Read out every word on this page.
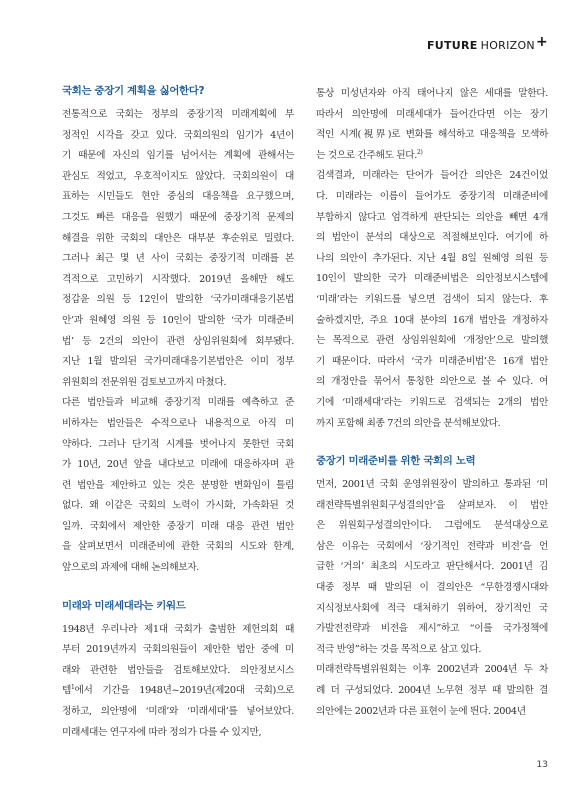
FUTURE HORIZON +
국회는 중장기 계획을 싫어한다?
전통적으로 국회는 정부의 중장기적 미래계획에 부
정적인 시각을 갖고 있다. 국회의원의 임기가 4년이
기 때문에 자신의 임기를 넘어서는 계획에 관해서는
관심도 적었고, 우호적이지도 않았다. 국회의원이 대
표하는 시민들도 현안 중심의 대응책을 요구했으며,
그것도 빠른 대응을 원했기 때문에 중장기적 문제의
해결을 위한 국회의 대안은 대부분 후순위로 밀렸다.
그러나 최근 몇 년 사이 국회는 중장기적 미래를 본
격적으로 고민하기 시작했다. 2019년 올해만 해도
정갑윤 의원 등 12인이 발의한 ‘국가미래대응기본법
안’과 원혜영 의원 등 10인이 발의한 ‘국가 미래준비
법’ 등 2건의 의안이 관련 상임위원회에 회부됐다.
지난 1월 발의된 국가미래대응기본법안은 이미 정부
위원회의 전문위원 검토보고까지 마쳤다.
다른 법안들과 비교해 중장기적 미래를 예측하고 준
비하자는 법안들은 수적으로나 내용적으로 아직 미
약하다. 그러나 단기적 시계를 벗어나지 못한던 국회
가 10년, 20년 앞을 내다보고 미래에 대응하자며 관
련 법안을 제안하고 있는 것은 분명한 변화임이 틀림
없다. 왜 이같은 국회의 노력이 가시화, 가속화된 것
일까. 국회에서 제안한 중장기 미래 대응 관련 법안
을 살펴보면서 미래준비에 관한 국회의 시도와 한계,
앞으로의 과제에 대해 논의해보자.
미래와 미래세대라는 키워드
1948년 우리나라 제1대 국회가 출범한 제헌의회 때
부터 2019년까지 국회의원들이 제안한 법안 중에 미
래와 관련한 법안들을 검토해보았다. 의안정보시스
템$^1$에서 기간을 1948년~2019년(제20대 국회)으로
정하고, 의안명에 ‘미래’와 ‘미래세대’를 넣어보았다.
미래세대는 연구자에 따라 정의가 다를 수 있지만,
통상 미성년자와 아직 태어나지 않은 세대를 말한다.
따라서 의안명에 미래세대가 들어간다면 이는 장기
적인 시계(視界)로 변화를 해석하고 대응책을 모색하
는 것으로 간주해도 된다.$^{2)}$
검색결과, 미래라는 단어가 들어간 의안은 24건이었
다. 미래라는 이름이 들어가도 중장기적 미래준비에
부합하지 않다고 엄격하게 판단되는 의안을 빼면 4개
의 법안이 분석의 대상으로 적절해보인다. 여기에 하
나의 의안이 추가된다. 지난 4월 8일 원혜영 의원 등
10인이 발의한 국가 미래준비법은 의안정보시스템에
‘미래’라는 키워드를 넣으면 검색이 되지 않는다. 후
술하겠지만, 주요 10대 분야의 16개 법안을 개정하자
는 목적으로 관련 상임위원회에 ‘개정안’으로 발의했
기 때문이다. 따라서 ‘국가 미래준비법’은 16개 법안
의 개정안을 묶어서 통칭한 의안으로 볼 수 있다. 여
기에 ‘미래세대’라는 키워드로 검색되는 2개의 법안
까지 포함해 최종 7건의 의안을 분석해보았다.
중장기 미래준비를 위한 국회의 노력
먼저, 2001년 국회 운영위원장이 발의하고 통과된 ‘미
래전략특별위원회구성결의안’을 살펴보자. 이 법안
은 위원회구성결의안이다. 그럼에도 분석대상으로
삼은 이유는 국회에서 ‘장기적인 전략과 비전’을 언
급한 ‘거의’ 최초의 시도라고 판단해서다. 2001년 김
대중 정부 때 발의된 이 결의안은 “무한경쟁시대와
지식정보사회에 적극 대처하기 위하여, 장기적인 국
가발전전략과 비전을 제시”하고 “이를 국가정책에
적극 반영”하는 것을 목적으로 삼고 있다.
미래전략특별위원회는 이후 2002년과 2004년 두 차
례 더 구성되었다. 2004년 노무현 정부 때 발의한 결
의안에는 2002년과 다른 표현이 눈에 띈다. 2004년
13
